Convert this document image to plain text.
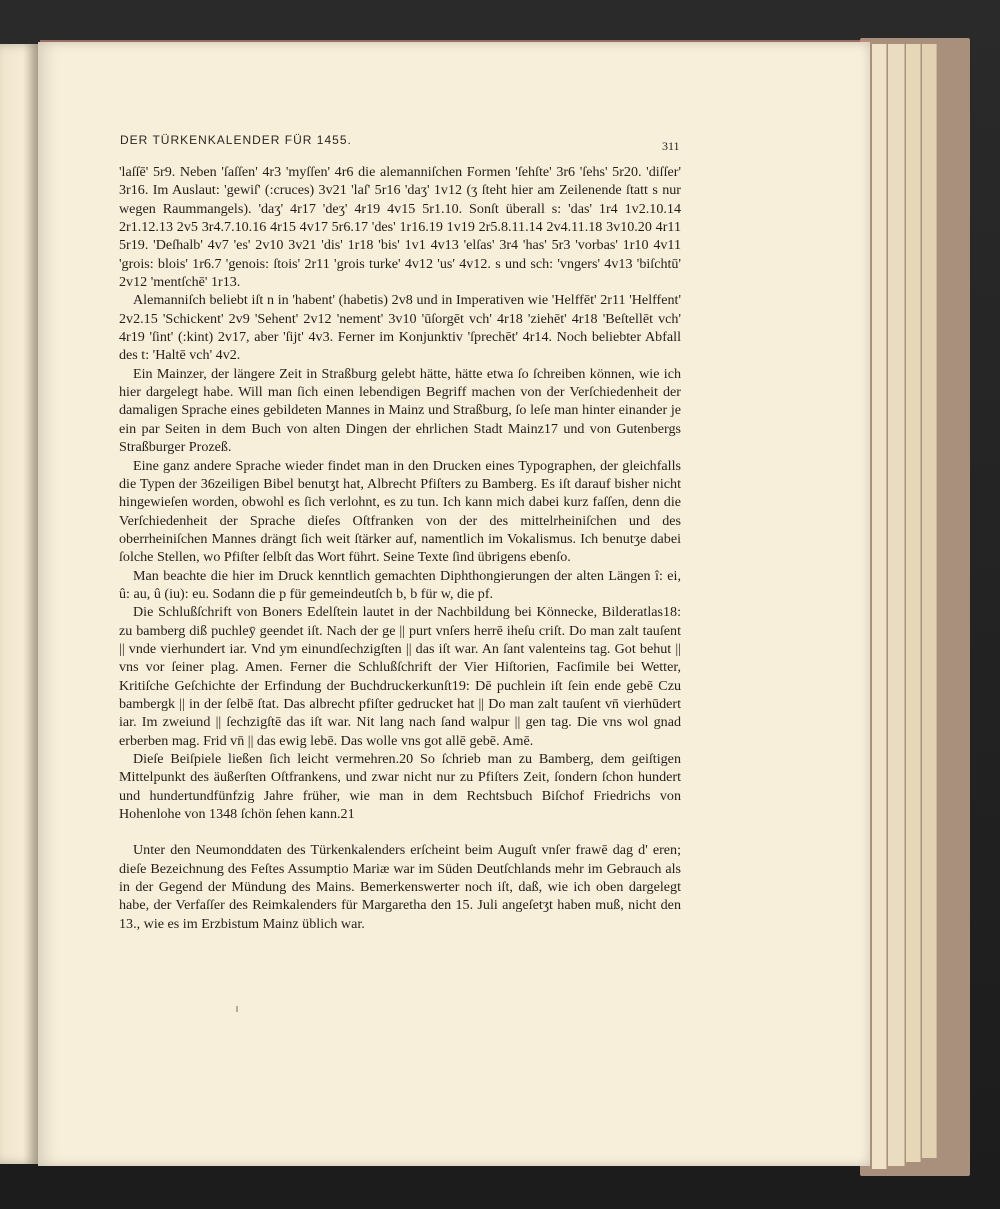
DER TÜRKENKALENDER FÜR 1455.	311

'laſſē' 5r9. Neben 'ſaſſen' 4r3 'myſſen' 4r6 die alemanniſchen Formen 'ſehſte' 3r6 'ſehs' 5r20. 'diſſer' 3r16. Im Auslaut: 'gewiſ' (:cruces) 3v21 'laſ' 5r16 'daʒ' 1v12 (ʒ ſteht hier am Zeilenende ſtatt s nur wegen Raummangels). 'daʒ' 4r17 'deʒ' 4r19 4v15 5r1.10. Sonſt überall s: 'das' 1r4 1v2.10.14 2r1.12.13 2v5 3r4.7.10.16 4r15 4v17 5r6.17 'des' 1r16.19 1v19 2r5.8.11.14 2v4.11.18 3v10.20 4r11 5r19. 'Deſhalb' 4v7 'es' 2v10 3v21 'dis' 1r18 'bis' 1v1 4v13 'elſas' 3r4 'has' 5r3 'vorbas' 1r10 4v11 'grois: blois' 1r6.7 'genois: ſtois' 2r11 'grois turke' 4v12 'us' 4v12. s und sch: 'vngers' 4v13 'biſchtū' 2v12 'mentſchē' 1r13.

Alemanniſch beliebt iſt n in 'habent' (habetis) 2v8 und in Imperativen wie 'Helffēt' 2r11 'Helffent' 2v2.15 'Schickent' 2v9 'Sehent' 2v12 'nement' 3v10 'ūſorgēt vch' 4r18 'ziehēt' 4r18 'Beſtellēt vch' 4r19 'ſint' (:kint) 2v17, aber 'ſijt' 4v3. Ferner im Konjunktiv 'ſprechēt' 4r14. Noch beliebter Abfall des t: 'Haltē vch' 4v2.

Ein Mainzer, der längere Zeit in Straßburg gelebt hätte, hätte etwa ſo ſchreiben können, wie ich hier dargelegt habe. Will man ſich einen lebendigen Begriff machen von der Verſchiedenheit der damaligen Sprache eines gebildeten Mannes in Mainz und Straßburg, ſo leſe man hinter einander je ein par Seiten in dem Buch von alten Dingen der ehrlichen Stadt Mainz17 und von Gutenbergs Straßburger Prozeß.

Eine ganz andere Sprache wieder findet man in den Drucken eines Typographen, der gleichfalls die Typen der 36zeiligen Bibel benutʒt hat, Albrecht Pfiſters zu Bamberg. Es iſt darauf bisher nicht hingewieſen worden, obwohl es ſich verlohnt, es zu tun. Ich kann mich dabei kurz faſſen, denn die Verſchiedenheit der Sprache dieſes Oſtfranken von der des mittelrheiniſchen und des oberrheiniſchen Mannes drängt ſich weit ſtärker auf, namentlich im Vokalismus. Ich benutʒe dabei ſolche Stellen, wo Pfiſter ſelbſt das Wort führt. Seine Texte ſind übrigens ebenſo.

Man beachte die hier im Druck kenntlich gemachten Diphthongierungen der alten Längen î: ei, û: au, û (iu): eu. Sodann die p für gemeindeutſch b, b für w, die pf.

Die Schlußſchrift von Boners Edelſtein lautet in der Nachbildung bei Könnecke, Bilderatlas18: zu bamberg diß puchleȳ geendet iſt. Nach der ge || purt vnſers herrē iheſu criſt. Do man zalt tauſent || vnde vierhundert iar. Vnd ym einundſechzigſten || das iſt war. An ſant valenteins tag. Got behut || vns vor ſeiner plag. Amen. Ferner die Schlußſchrift der Vier Hiſtorien, Facſimile bei Wetter, Kritiſche Geſchichte der Erfindung der Buchdruckerkunſt19: Dē puchlein iſt ſein ende gebē Czu bambergk || in der ſelbē ſtat. Das albrecht pfiſter gedrucket hat || Do man zalt tauſent vn̄ vierhūdert iar. Im zweiund || ſechzigſtē das iſt war. Nit lang nach ſand walpur || gen tag. Die vns wol gnad erberben mag. Frid vn̄ || das ewig lebē. Das wolle vns got allē gebē. Amē.

Dieſe Beiſpiele ließen ſich leicht vermehren.20 So ſchrieb man zu Bamberg, dem geiſtigen Mittelpunkt des äußerſten Oſtfrankens, und zwar nicht nur zu Pfiſters Zeit, ſondern ſchon hundert und hundertundfünfzig Jahre früher, wie man in dem Rechtsbuch Biſchof Friedrichs von Hohenlohe von 1348 ſchön ſehen kann.21

Unter den Neumonddaten des Türkenkalenders erſcheint beim Auguſt vnſer frawē dag d' eren; dieſe Bezeichnung des Feſtes Assumptio Mariæ war im Süden Deutſchlands mehr im Gebrauch als in der Gegend der Mündung des Mains. Bemerkenswerter noch iſt, daß, wie ich oben dargelegt habe, der Verfaſſer des Reimkalenders für Margaretha den 15. Juli angeſetʒt haben muß, nicht den 13., wie es im Erzbistum Mainz üblich war.
